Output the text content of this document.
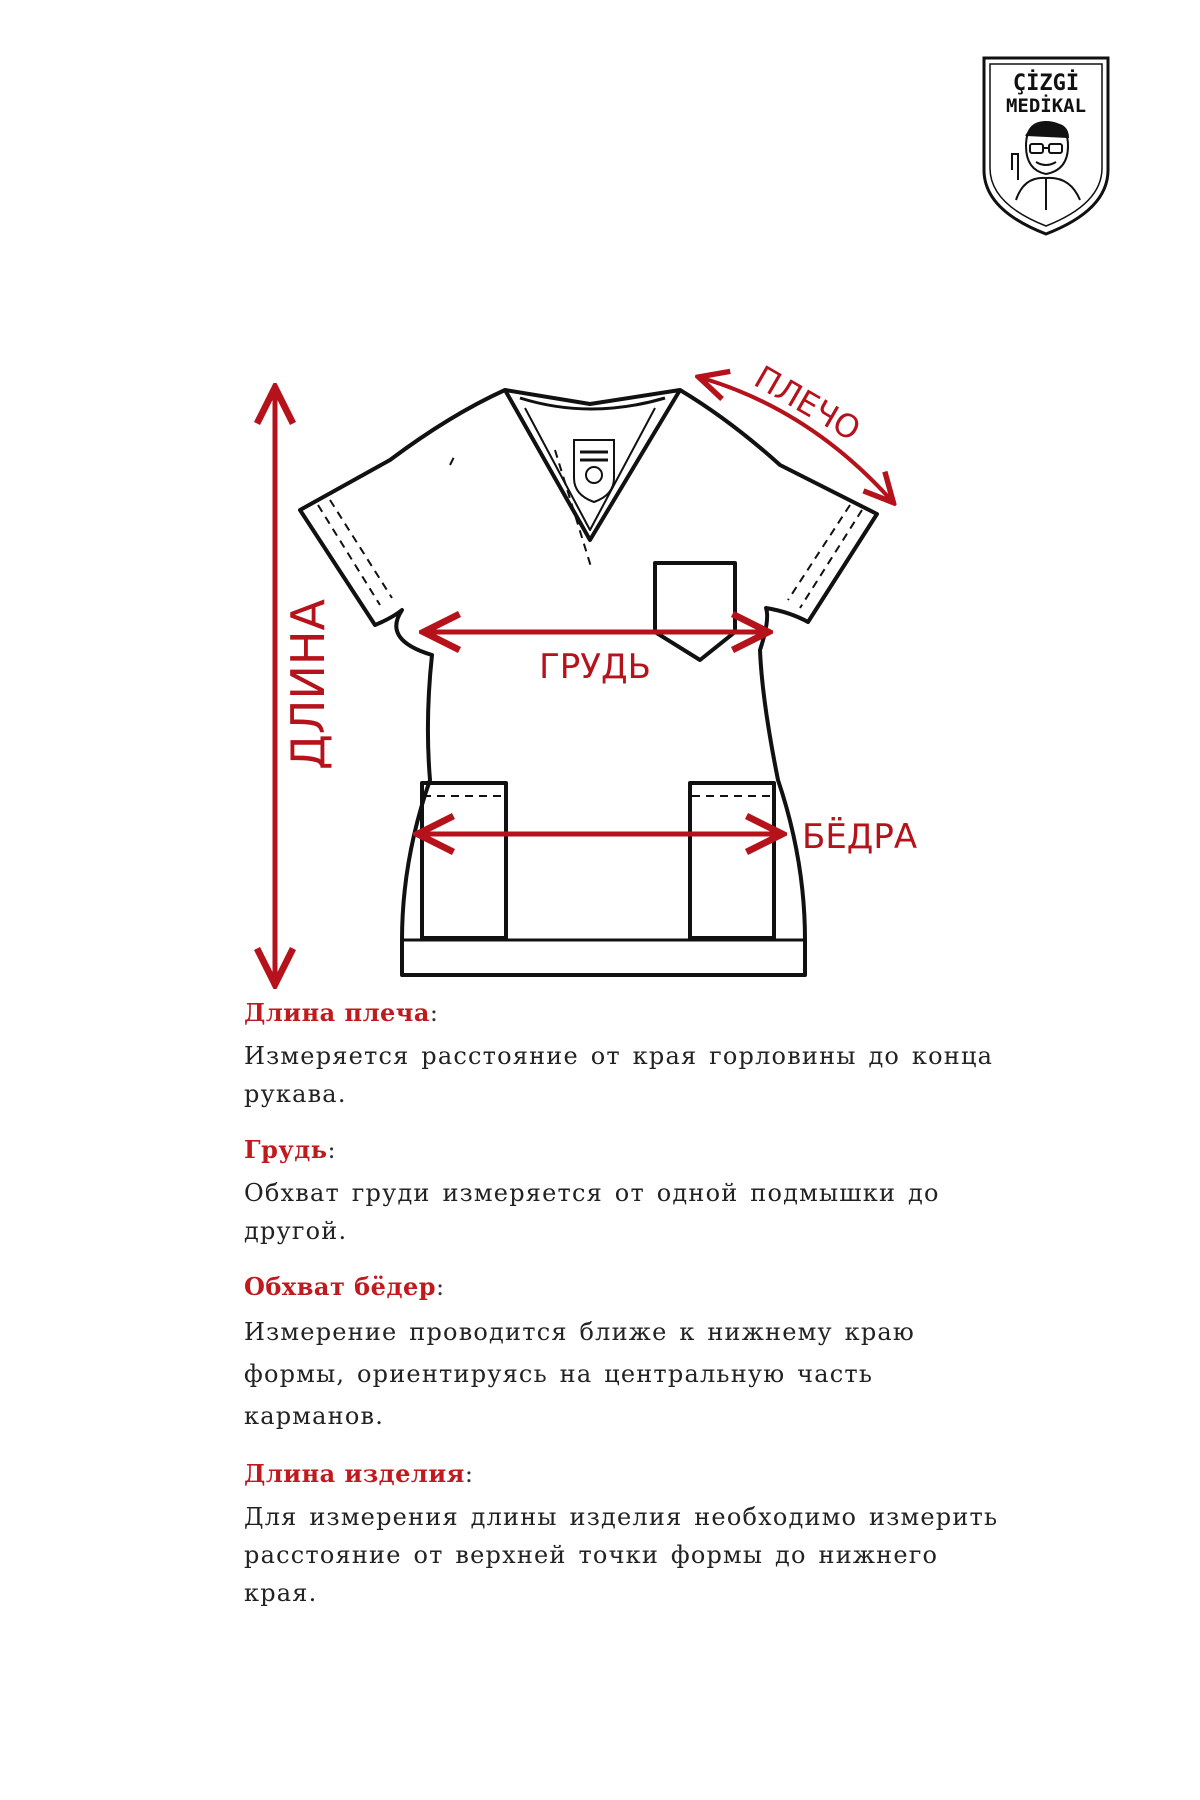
ÇİZGİ
MEDİKAL
ДЛИНА
ПЛЕЧО
ГРУДЬ
БЁДРА

Длина плеча:

Измеряется расстояние от края горловины до конца
рукава.

Грудь:

Обхват груди измеряется от одной подмышки до
другой.

Обхват бёдер:

Измерение проводится ближе к нижнему краю
формы, ориентируясь на центральную часть
карманов.

Длина изделия:

Для измерения длины изделия необходимо измерить
расстояние от верхней точки формы до нижнего
края.
